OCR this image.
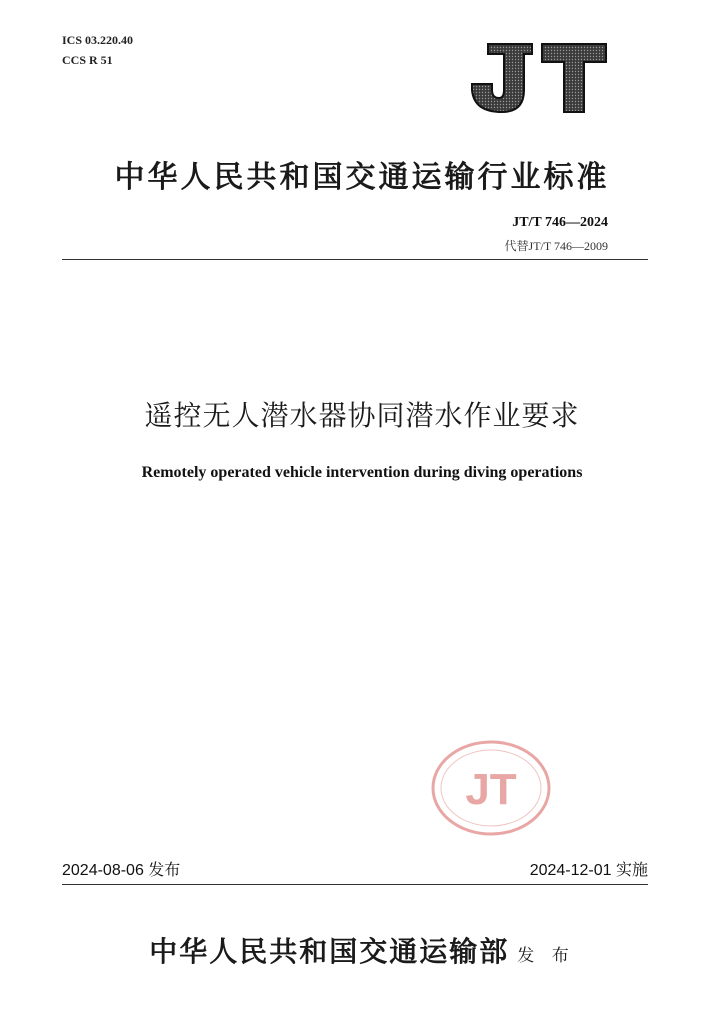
ICS 03.220.40
CCS R 51
中华人民共和国交通运输行业标准
JT/T 746—2024
代替JT/T 746—2009
遥控无人潜水器协同潜水作业要求
Remotely operated vehicle intervention during diving operations
JT
2024-08-06 发布	2024-12-01 实施
中华人民共和国交通运输部 发 布
